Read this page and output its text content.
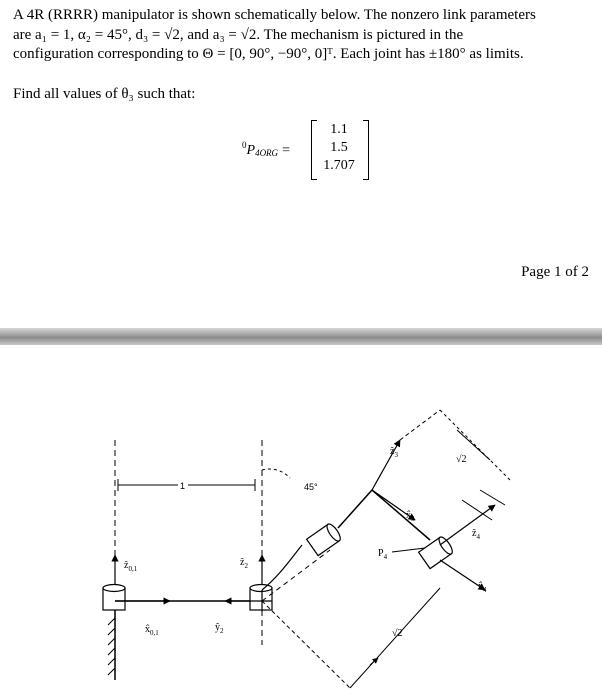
A 4R (RRRR) manipulator is shown schematically below. The nonzero link parameters
are a₁ = 1, α₂ = 45°, d₃ = √2, and a₃ = √2. The mechanism is pictured in the
configuration corresponding to Θ = [0, 90°, −90°, 0]ᵀ. Each joint has ±180° as limits.

Find all values of θ₃ such that:

$^0P_{4ORG}$ =
1.1
1.5
1.707
Page 1 of 2
ẑ$_{0,1}$
$x̂_{0,1}$
1
ẑ$_2$
$ŷ_2$
45°
ẑ$_3$
$x̂_3$
$P_4$
ẑ$_4$
$x̂_4$
√2
√2
